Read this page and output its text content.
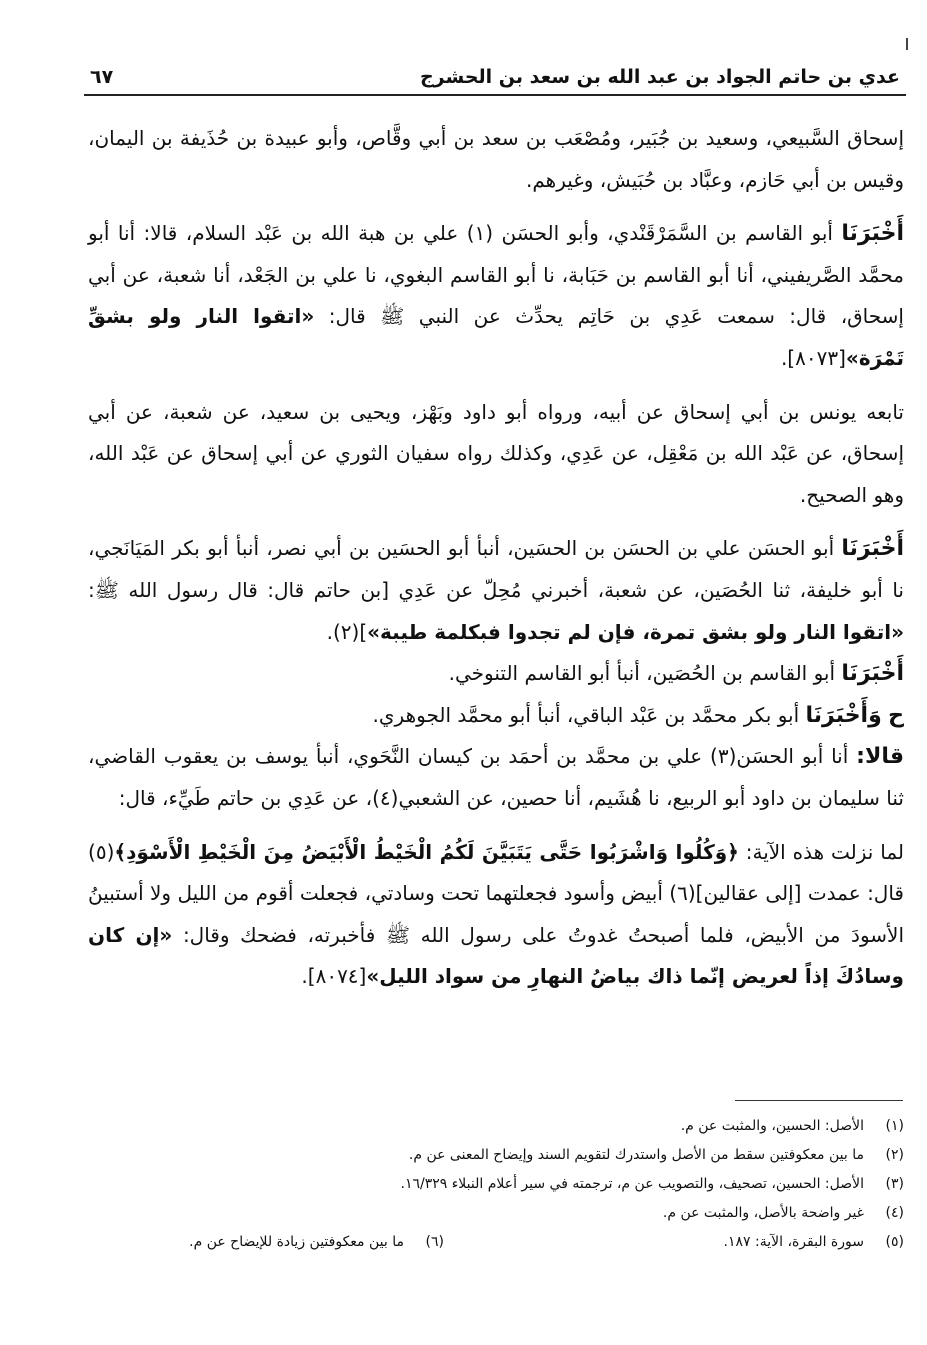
عدي بن حاتم الجواد بن عبد الله بن سعد بن الحشرج
٦٧

إسحاق السَّبيعي، وسعيد بن جُبَير، ومُصْعَب بن سعد بن أبي وقَّاص، وأبو عبيدة بن حُذَيفة بن اليمان، وقيس بن أبي حَازم، وعبَّاد بن حُبَيش، وغيرهم.

أَخْبَرَنَا أبو القاسم بن السَّمَرْقَنْدي، وأبو الحسَن (١) علي بن هبة الله بن عَبْد السلام، قالا: أنا أبو محمَّد الصَّريفيني، أنا أبو القاسم بن حَبَابة، نا أبو القاسم البغوي، نا علي بن الجَعْد، أنا شعبة، عن أبي إسحاق، قال: سمعت عَدِي بن حَاتِم يحدِّث عن النبي ﷺ قال: «اتقوا النار ولو بشقِّ تَمْرَة»[٨٠٧٣].

تابعه يونس بن أبي إسحاق عن أبيه، ورواه أبو داود وبَهْز، ويحيى بن سعيد، عن شعبة، عن أبي إسحاق، عن عَبْد الله بن مَعْقِل، عن عَدِي، وكذلك رواه سفيان الثوري عن أبي إسحاق عن عَبْد الله، وهو الصحيح.

أَخْبَرَنَا أبو الحسَن علي بن الحسَن بن الحسَين، أنبأ أبو الحسَين بن أبي نصر، أنبأ أبو بكر المَيَانَجي، نا أبو خليفة، ثنا الحُصَين، عن شعبة، أخبرني مُحِلّ عن عَدِي [بن حاتم قال: قال رسول الله ﷺ: «اتقوا النار ولو بشق تمرة، فإن لم تجدوا فبكلمة طيبة»](٢).

أَخْبَرَنَا أبو القاسم بن الحُصَين، أنبأ أبو القاسم التنوخي.

ح وَأَخْبَرَنَا أبو بكر محمَّد بن عَبْد الباقي، أنبأ أبو محمَّد الجوهري.

قالا: أنا أبو الحسَن(٣) علي بن محمَّد بن أحمَد بن كيسان النَّحَوي، أنبأ يوسف بن يعقوب القاضي، ثنا سليمان بن داود أبو الربيع، نا هُشَيم، أنا حصين، عن الشعبي(٤)، عن عَدِي بن حاتم طَيِّء، قال:

لما نزلت هذه الآية: ﴿وَكُلُوا وَاشْرَبُوا حَتَّى يَتَبَيَّنَ لَكُمُ الْخَيْطُ الْأَبْيَضُ مِنَ الْخَيْطِ الْأَسْوَدِ﴾(٥) قال: عمدت [إلى عقالين](٦) أبيض وأسود فجعلتهما تحت وسادتي، فجعلت أقوم من الليل ولا أستبينُ الأسودَ من الأبيض، فلما أصبحتُ غدوتُ على رسول الله ﷺ فأخبرته، فضحك وقال: «إن كان وسادُكَ إذاً لعريض إنّما ذاك بياضُ النهارِ من سواد الليل»[٨٠٧٤].

(١)
الأصل: الحسين، والمثبت عن م.
(٢)
ما بين معكوفتين سقط من الأصل واستدرك لتقويم السند وإيضاح المعنى عن م.
(٣)
الأصل: الحسين، تصحيف، والتصويب عن م، ترجمته في سير أعلام النبلاء ١٦/٣٢٩.
(٤)
غير واضحة بالأصل، والمثبت عن م.
(٥)
سورة البقرة، الآية: ١٨٧.
(٦)
ما بين معكوفتين زيادة للإيضاح عن م.
